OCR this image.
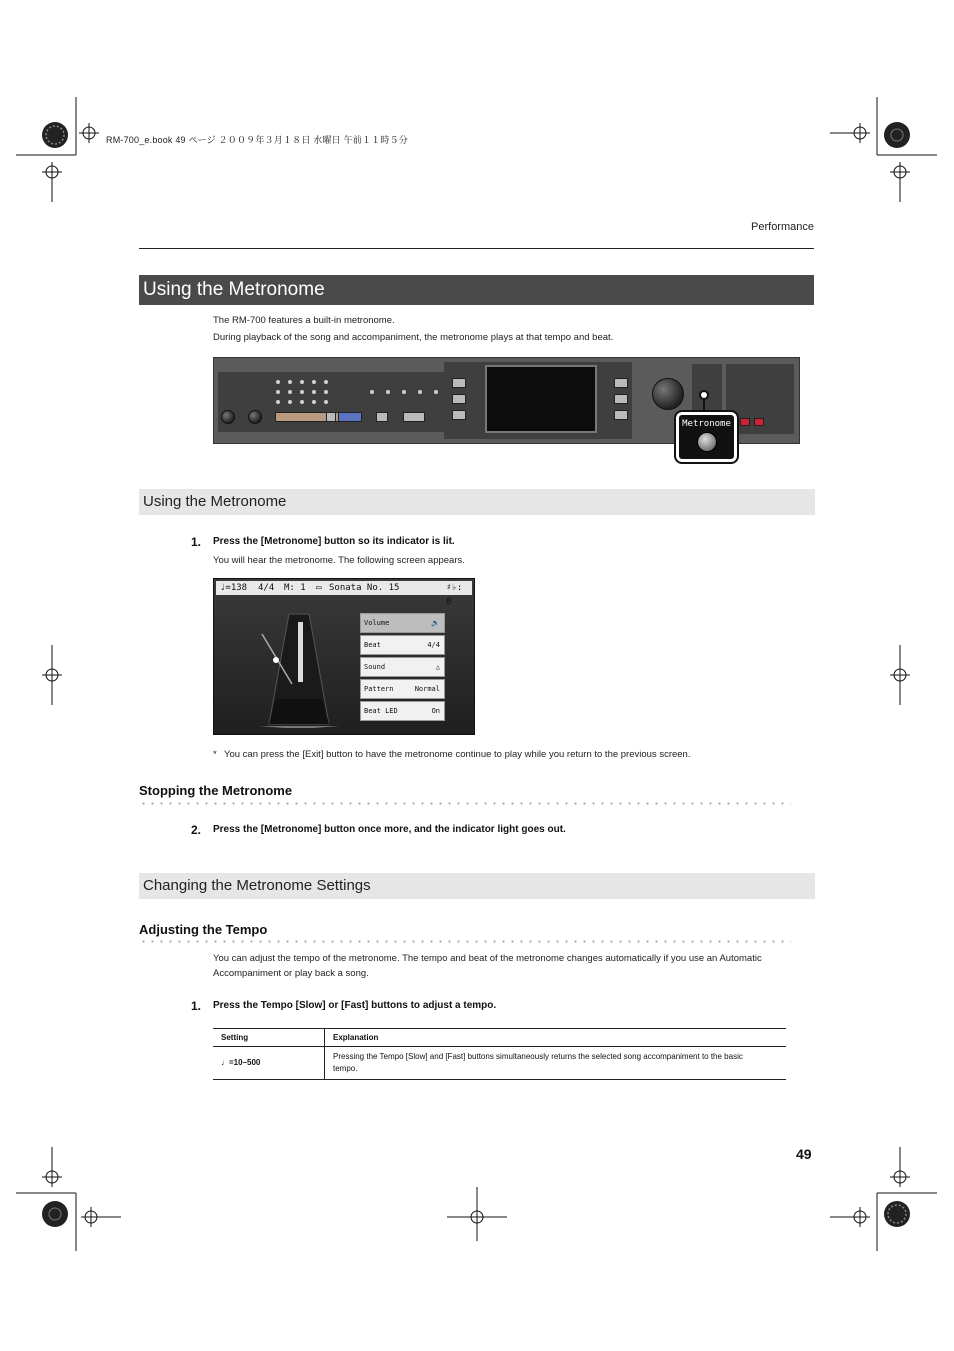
RM-700_e.book 49 ページ ２００９年３月１８日 水曜日 午前１１時５分
Performance
Using the Metronome
The RM-700 features a built-in metronome.
During playback of the song and accompaniment, the metronome plays at that tempo and beat.
Metronome
Using the Metronome
1. Press the [Metronome] button so its indicator is lit.
You will hear the metronome. The following screen appears.
♩=138 4/4 M: 1 ▭ Sonata No. 15	♯♭: 0
Volume	🔊
Beat	4/4
Sound	△
Pattern	Normal
Beat LED	On
* You can press the [Exit] button to have the metronome continue to play while you return to the previous screen.
Stopping the Metronome
2. Press the [Metronome] button once more, and the indicator light goes out.
Changing the Metronome Settings
Adjusting the Tempo
You can adjust the tempo of the metronome. The tempo and beat of the metronome changes automatically if you use an Automatic
Accompaniment or play back a song.
1. Press the Tempo [Slow] or [Fast] buttons to adjust a tempo.
Setting	Explanation
♩=10–500	Pressing the Tempo [Slow] and [Fast] buttons simultaneously returns the selected song accompaniment to the basic
tempo.
49
